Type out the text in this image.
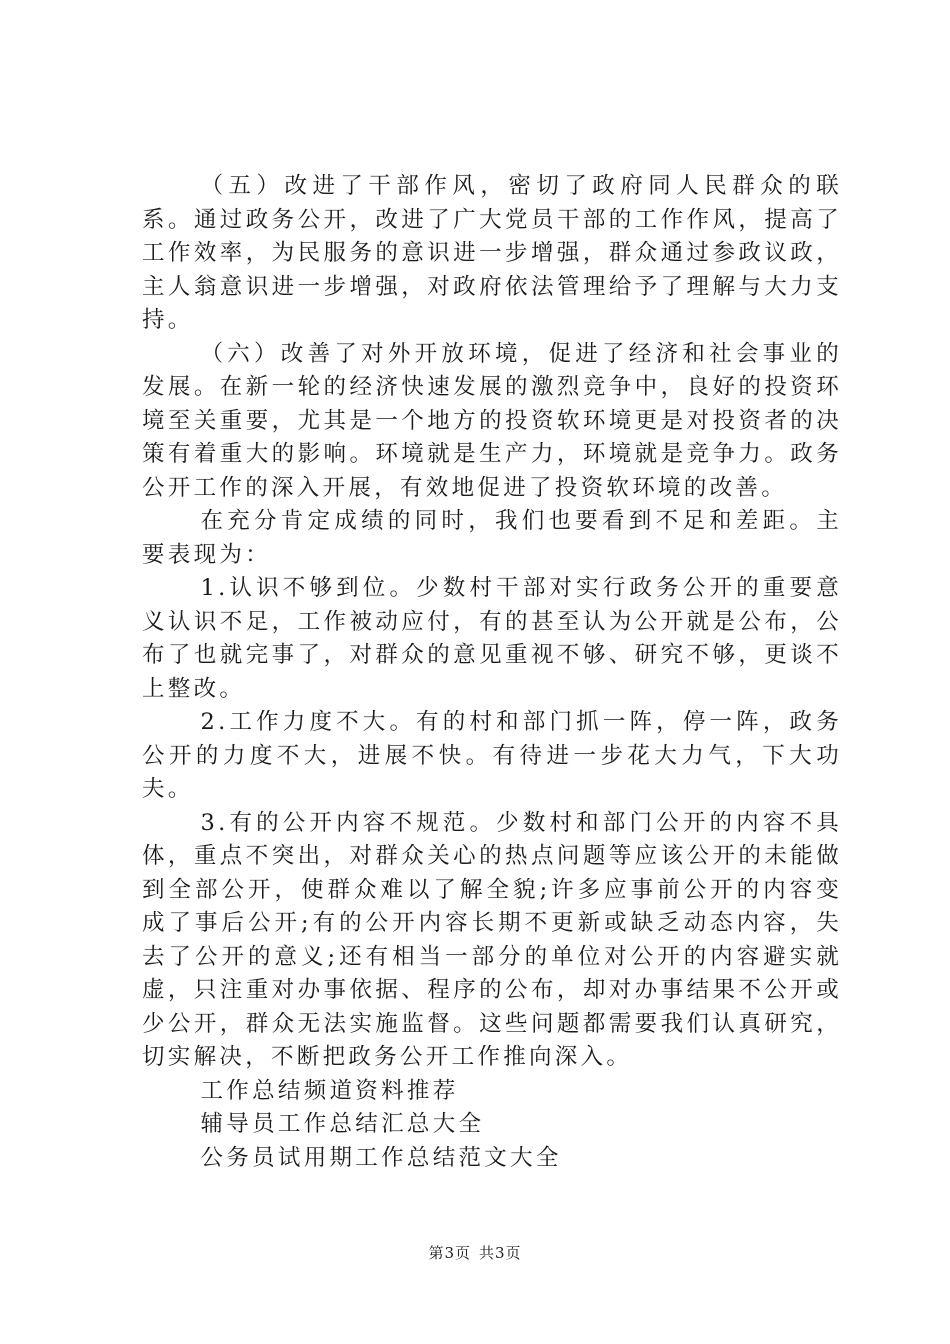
（五）改进了干部作风，密切了政府同人民群众的联系。通过政务公开，改进了广大党员干部的工作作风，提高了工作效率，为民服务的意识进一步增强，群众通过参政议政，主人翁意识进一步增强，对政府依法管理给予了理解与大力支持。

（六）改善了对外开放环境，促进了经济和社会事业的发展。在新一轮的经济快速发展的激烈竞争中，良好的投资环境至关重要，尤其是一个地方的投资软环境更是对投资者的决策有着重大的影响。环境就是生产力，环境就是竞争力。政务公开工作的深入开展，有效地促进了投资软环境的改善。

在充分肯定成绩的同时，我们也要看到不足和差距。主要表现为：

1.认识不够到位。少数村干部对实行政务公开的重要意义认识不足，工作被动应付，有的甚至认为公开就是公布，公布了也就完事了，对群众的意见重视不够、研究不够，更谈不上整改。

2.工作力度不大。有的村和部门抓一阵，停一阵，政务公开的力度不大，进展不快。有待进一步花大力气，下大功夫。

3.有的公开内容不规范。少数村和部门公开的内容不具体，重点不突出，对群众关心的热点问题等应该公开的未能做到全部公开，使群众难以了解全貌;许多应事前公开的内容变成了事后公开;有的公开内容长期不更新或缺乏动态内容，失去了公开的意义;还有相当一部分的单位对公开的内容避实就虚，只注重对办事依据、程序的公布，却对办事结果不公开或少公开，群众无法实施监督。这些问题都需要我们认真研究，切实解决，不断把政务公开工作推向深入。

工作总结频道资料推荐

辅导员工作总结汇总大全

公务员试用期工作总结范文大全

第3页 共3页
